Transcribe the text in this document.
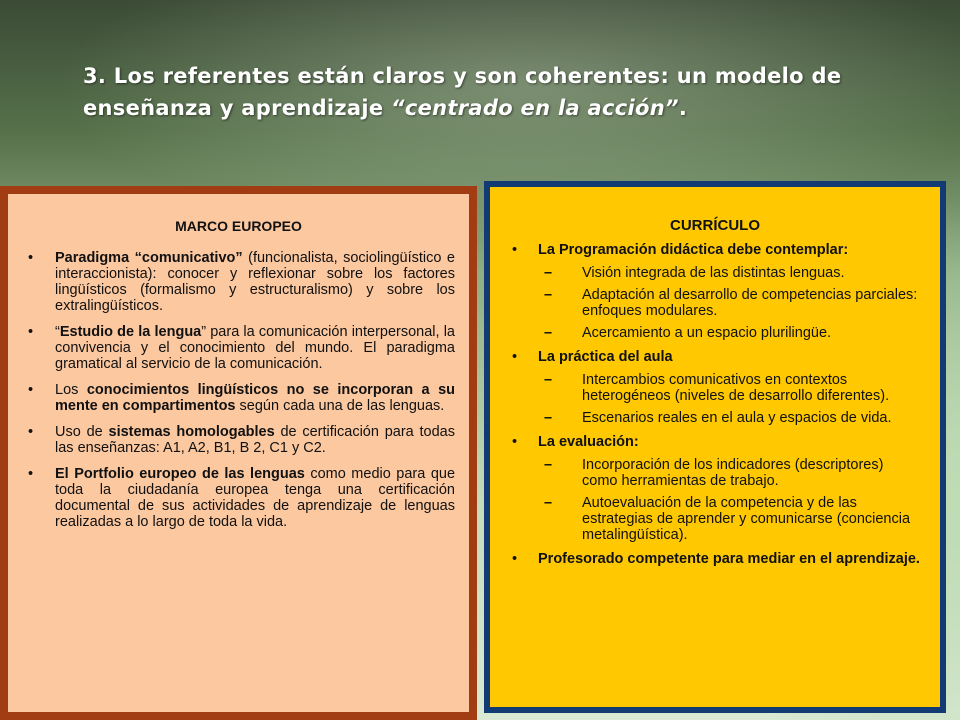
3. Los referentes están claros y son coherentes: un modelo de
enseñanza y aprendizaje “centrado en la acción”.
MARCO EUROPEO
• Paradigma “comunicativo” (funcionalista, sociolingüístico e interaccionista): conocer y reflexionar sobre los factores lingüísticos (formalismo y estructuralismo) y sobre los extralingüísticos.
• “Estudio de la lengua” para la comunicación interpersonal, la convivencia y el conocimiento del mundo. El paradigma gramatical al servicio de la comunicación.
• Los conocimientos lingüísticos no se incorporan a su mente en compartimentos según cada una de las lenguas.
• Uso de sistemas homologables de certificación para todas las enseñanzas: A1, A2, B1, B 2, C1 y C2.
• El Portfolio europeo de las lenguas como medio para que toda la ciudadanía europea tenga una certificación documental de sus actividades de aprendizaje de lenguas realizadas a lo largo de toda la vida.
CURRÍCULO
• La Programación didáctica debe contemplar:
– Visión integrada de las distintas lenguas.
– Adaptación al desarrollo de competencias parciales: enfoques modulares.
– Acercamiento a un espacio plurilingüe.
• La práctica del aula
– Intercambios comunicativos en contextos heterogéneos (niveles de desarrollo diferentes).
– Escenarios reales en el aula y espacios de vida.
• La evaluación:
– Incorporación de los indicadores (descriptores) como herramientas de trabajo.
– Autoevaluación de la competencia y de las estrategias de aprender y comunicarse (conciencia metalingüística).
• Profesorado competente para mediar en el aprendizaje.
